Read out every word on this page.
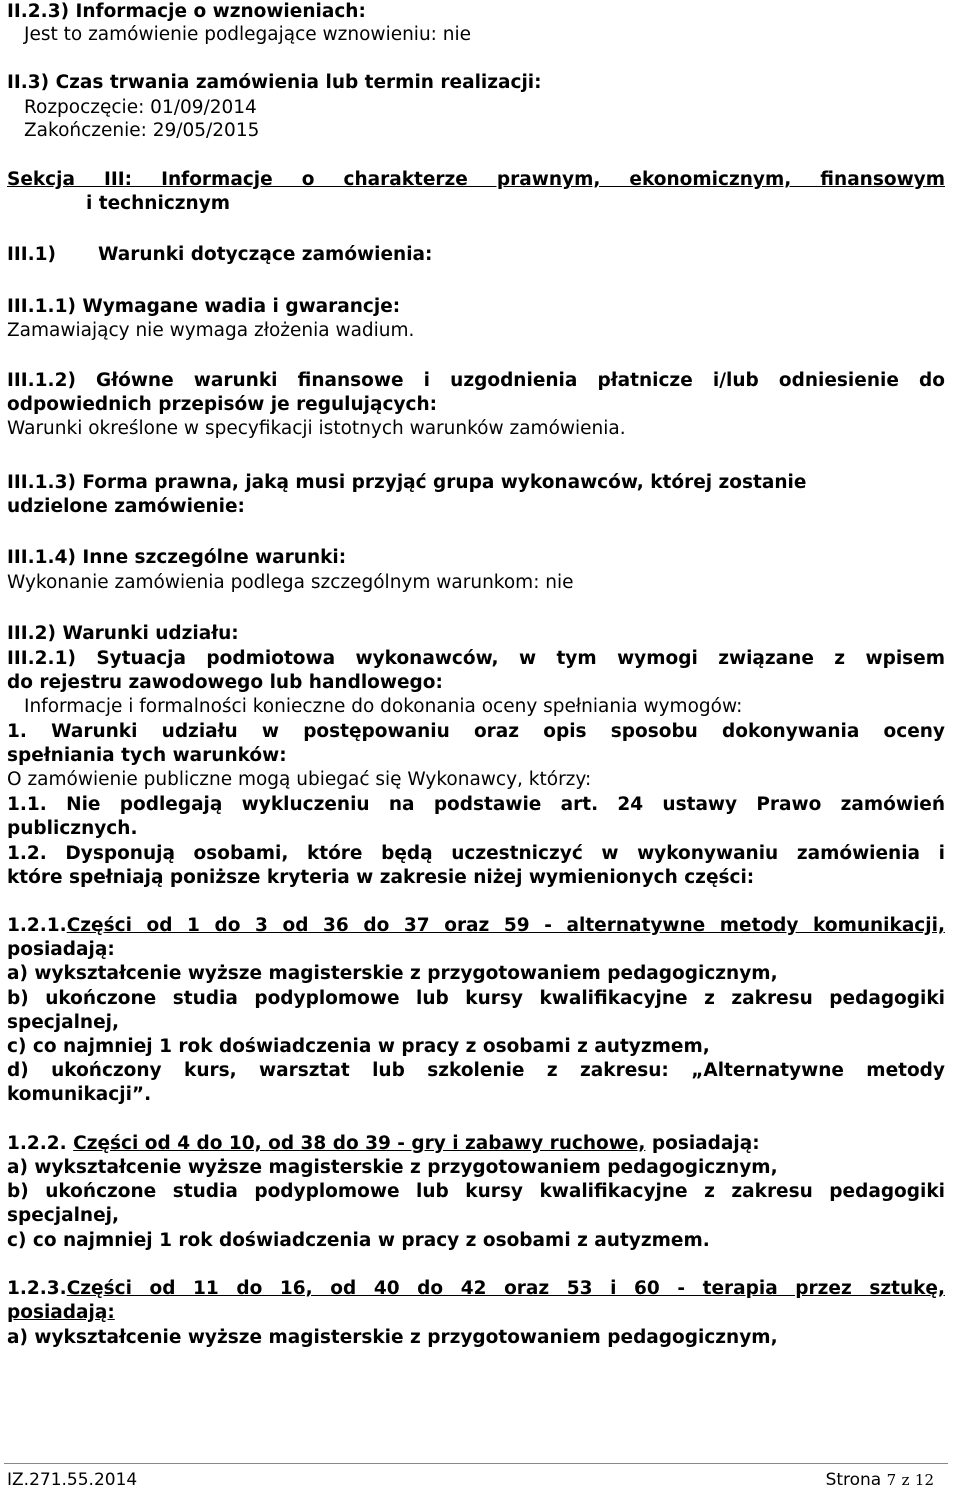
II.2.3) Informacje o wznowieniach:
Jest to zamówienie podlegające wznowieniu: nie
II.3) Czas trwania zamówienia lub termin realizacji:
Rozpoczęcie: 01/09/2014
Zakończenie: 29/05/2015
Sekcja III: Informacje o charakterze prawnym, ekonomicznym, finansowym
i technicznym
III.1) Warunki dotyczące zamówienia:
III.1.1) Wymagane wadia i gwarancje:
Zamawiający nie wymaga złożenia wadium.
III.1.2) Główne warunki finansowe i uzgodnienia płatnicze i/lub odniesienie do
odpowiednich przepisów je regulujących:
Warunki określone w specyfikacji istotnych warunków zamówienia.
III.1.3) Forma prawna, jaką musi przyjąć grupa wykonawców, której zostanie
udzielone zamówienie:
III.1.4) Inne szczególne warunki:
Wykonanie zamówienia podlega szczególnym warunkom: nie
III.2) Warunki udziału:
III.2.1) Sytuacja podmiotowa wykonawców, w tym wymogi związane z wpisem
do rejestru zawodowego lub handlowego:
Informacje i formalności konieczne do dokonania oceny spełniania wymogów:
1. Warunki udziału w postępowaniu oraz opis sposobu dokonywania oceny
spełniania tych warunków:
O zamówienie publiczne mogą ubiegać się Wykonawcy, którzy:
1.1. Nie podlegają wykluczeniu na podstawie art. 24 ustawy Prawo zamówień
publicznych.
1.2. Dysponują osobami, które będą uczestniczyć w wykonywaniu zamówienia i
które spełniają poniższe kryteria w zakresie niżej wymienionych części:
1.2.1.Części od 1 do 3 od 36 do 37 oraz 59 - alternatywne metody komunikacji,
posiadają:
a) wykształcenie wyższe magisterskie z przygotowaniem pedagogicznym,
b) ukończone studia podyplomowe lub kursy kwalifikacyjne z zakresu pedagogiki
specjalnej,
c) co najmniej 1 rok doświadczenia w pracy z osobami z autyzmem,
d) ukończony kurs, warsztat lub szkolenie z zakresu: „Alternatywne metody
komunikacji”.
1.2.2. Części od 4 do 10, od 38 do 39 - gry i zabawy ruchowe, posiadają:
a) wykształcenie wyższe magisterskie z przygotowaniem pedagogicznym,
b) ukończone studia podyplomowe lub kursy kwalifikacyjne z zakresu pedagogiki
specjalnej,
c) co najmniej 1 rok doświadczenia w pracy z osobami z autyzmem.
1.2.3.Części od 11 do 16, od 40 do 42 oraz 53 i 60 - terapia przez sztukę,
posiadają:
a) wykształcenie wyższe magisterskie z przygotowaniem pedagogicznym,
IZ.271.55.2014	Strona 7 z 12
